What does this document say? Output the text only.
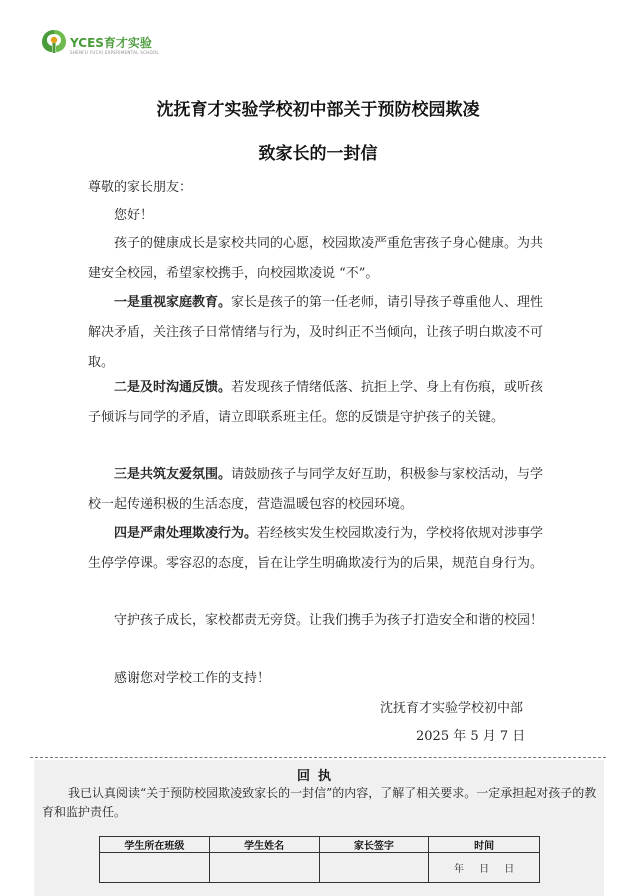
YCES育才实验
SHENFU YUCAI EXPERIMENTAL SCHOOL
沈抚育才实验学校初中部关于预防校园欺凌
致家长的一封信
尊敬的家长朋友：
您好！
孩子的健康成长是家校共同的心愿，校园欺凌严重危害孩子身心健康。为共建安全校园，希望家校携手，向校园欺凌说 “不”。
一是重视家庭教育。家长是孩子的第一任老师，请引导孩子尊重他人、理性解决矛盾，关注孩子日常情绪与行为，及时纠正不当倾向，让孩子明白欺凌不可取。
二是及时沟通反馈。若发现孩子情绪低落、抗拒上学、身上有伤痕，或听孩子倾诉与同学的矛盾，请立即联系班主任。您的反馈是守护孩子的关键。
三是共筑友爱氛围。请鼓励孩子与同学友好互助，积极参与家校活动，与学校一起传递积极的生活态度，营造温暖包容的校园环境。
四是严肃处理欺凌行为。若经核实发生校园欺凌行为，学校将依规对涉事学生停学停课。零容忍的态度，旨在让学生明确欺凌行为的后果，规范自身行为。
守护孩子成长，家校都责无旁贷。让我们携手为孩子打造安全和谐的校园！
感谢您对学校工作的支持！
沈抚育才实验学校初中部
2025 年 5 月 7 日
回执
我已认真阅读“关于预防校园欺凌致家长的一封信”的内容，了解了相关要求。一定承担起对孩子的教育和监护责任。
学生所在班级	学生姓名	家长签字	时间
			年 日 日
